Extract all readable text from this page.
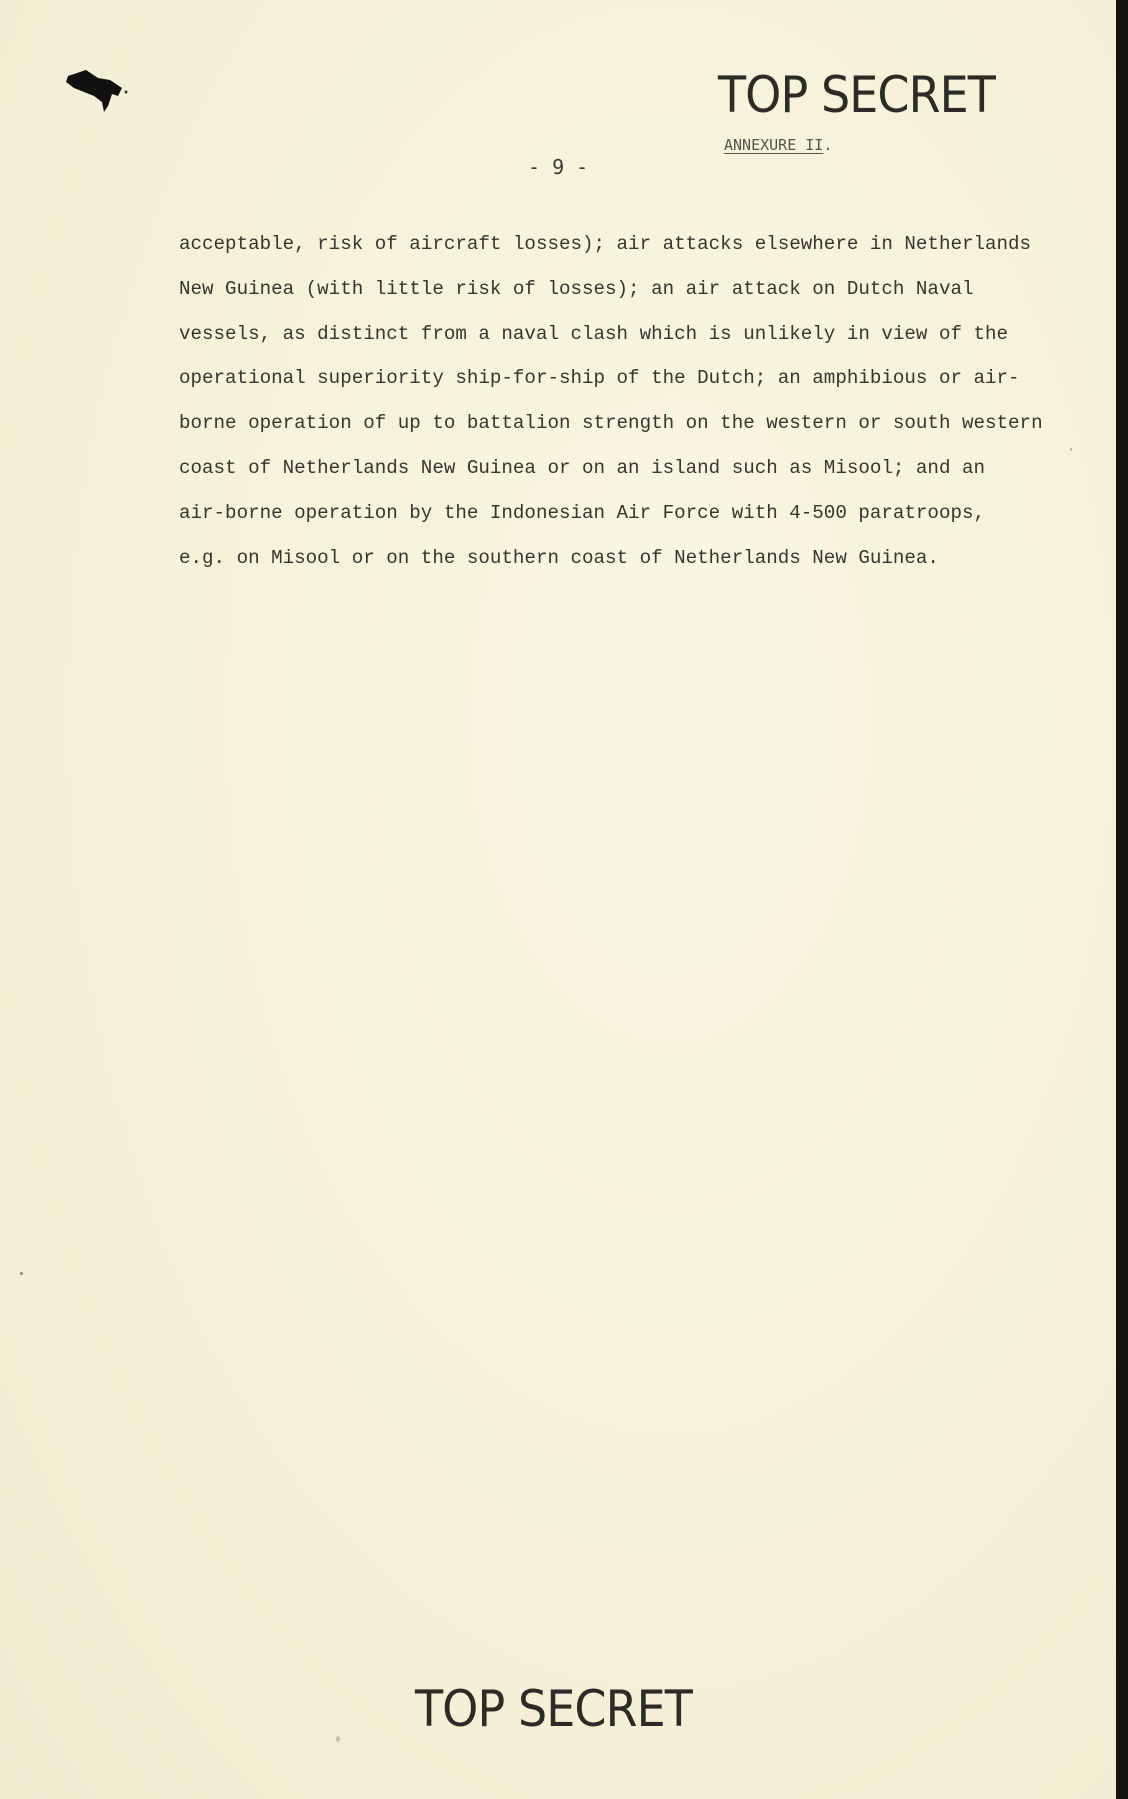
TOP SECRET
ANNEXURE II.
- 9 -
acceptable, risk of aircraft losses); air attacks elsewhere in Netherlands
New Guinea (with little risk of losses); an air attack on Dutch Naval
vessels, as distinct from a naval clash which is unlikely in view of the
operational superiority ship-for-ship of the Dutch; an amphibious or air-
borne operation of up to battalion strength on the western or south western
coast of Netherlands New Guinea or on an island such as Misool; and an
air-borne operation by the Indonesian Air Force with 4-500 paratroops,
e.g. on Misool or on the southern coast of Netherlands New Guinea.
TOP SECRET
